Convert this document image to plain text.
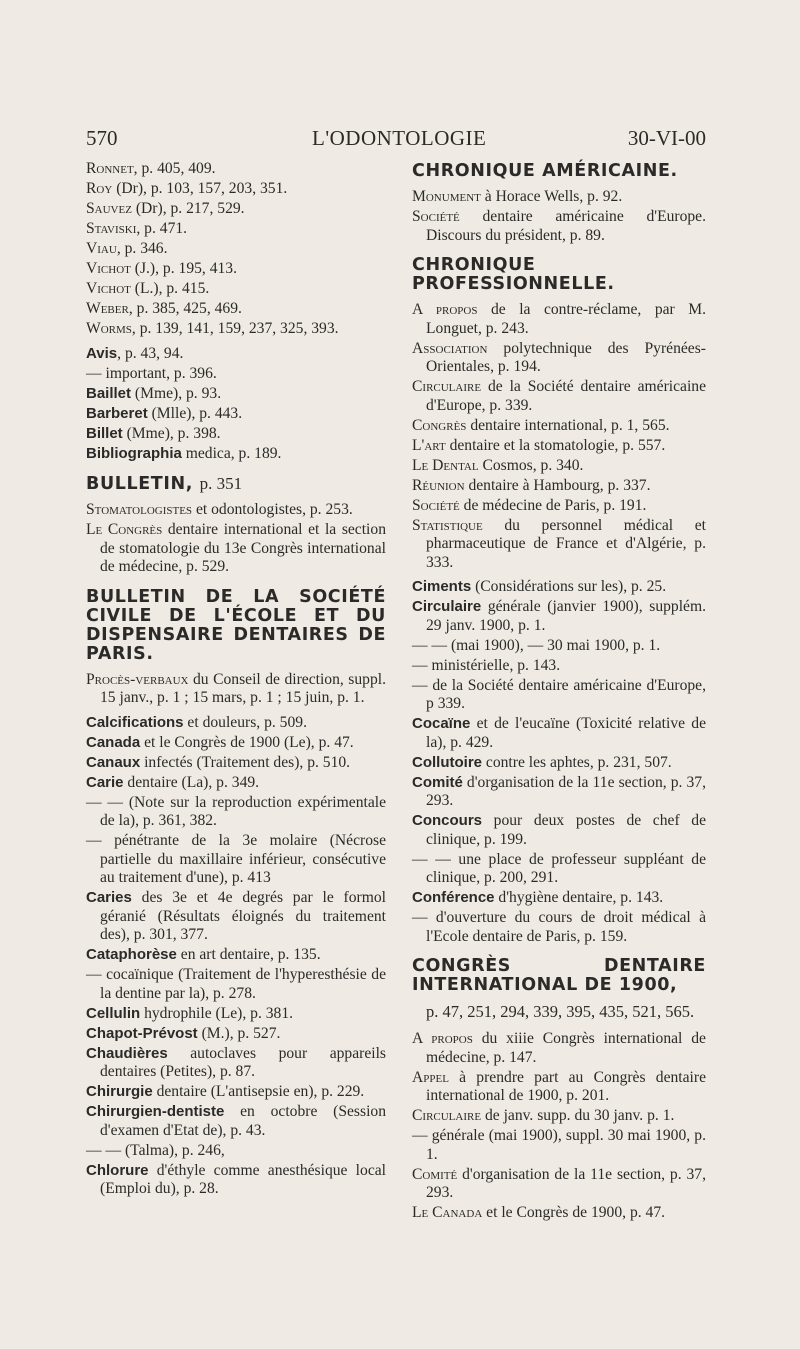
570	L'ODONTOLOGIE	30-VI-00
Ronnet, p. 405, 409.
Roy (Dr), p. 103, 157, 203, 351.
Sauvez (Dr), p. 217, 529.
Staviski, p. 471.
Viau, p. 346.
Vichot (J.), p. 195, 413.
Vichot (L.), p. 415.
Weber, p. 385, 425, 469.
Worms, p. 139, 141, 159, 237, 325, 393.
Avis, p. 43, 94.
— important, p. 396.
Baillet (Mme), p. 93.
Barberet (Mlle), p. 443.
Billet (Mme), p. 398.
Bibliographia medica, p. 189.
BULLETIN, p. 351
Stomatologistes et odontologistes, p. 253.
Le Congrès dentaire international et la section de stomatologie du 13e Congrès international de médecine, p. 529.
BULLETIN DE LA SOCIÉTÉ CIVILE DE L'ÉCOLE ET DU DISPENSAIRE DENTAIRES DE PARIS.
Procès-verbaux du Conseil de direction, suppl. 15 janv., p. 1 ; 15 mars, p. 1 ; 15 juin, p. 1.
Calcifications et douleurs, p. 509.
Canada et le Congrès de 1900 (Le), p. 47.
Canaux infectés (Traitement des), p. 510.
Carie dentaire (La), p. 349.
— — (Note sur la reproduction expérimentale de la), p. 361, 382.
— pénétrante de la 3e molaire (Nécrose partielle du maxillaire inférieur, consécutive au traitement d'une), p. 413
Caries des 3e et 4e degrés par le formol géranié (Résultats éloignés du traitement des), p. 301, 377.
Cataphorèse en art dentaire, p. 135.
— cocaïnique (Traitement de l'hyperesthésie de la dentine par la), p. 278.
Cellulin hydrophile (Le), p. 381.
Chapot-Prévost (M.), p. 527.
Chaudières autoclaves pour appareils dentaires (Petites), p. 87.
Chirurgie dentaire (L'antisepsie en), p. 229.
Chirurgien-dentiste en octobre (Session d'examen d'Etat de), p. 43.
— — (Talma), p. 246,
Chlorure d'éthyle comme anesthésique local (Emploi du), p. 28.
CHRONIQUE AMÉRICAINE.
Monument à Horace Wells, p. 92.
Société dentaire américaine d'Europe. Discours du président, p. 89.
CHRONIQUE PROFESSIONNELLE.
A propos de la contre-réclame, par M. Longuet, p. 243.
Association polytechnique des Pyrénées-Orientales, p. 194.
Circulaire de la Société dentaire américaine d'Europe, p. 339.
Congrès dentaire international, p. 1, 565.
L'art dentaire et la stomatologie, p. 557.
Le Dental Cosmos, p. 340.
Réunion dentaire à Hambourg, p. 337.
Société de médecine de Paris, p. 191.
Statistique du personnel médical et pharmaceutique de France et d'Algérie, p. 333.
Ciments (Considérations sur les), p. 25.
Circulaire générale (janvier 1900), supplém. 29 janv. 1900, p. 1.
— — (mai 1900), — 30 mai 1900, p. 1.
— ministérielle, p. 143.
— de la Société dentaire américaine d'Europe, p 339.
Cocaïne et de l'eucaïne (Toxicité relative de la), p. 429.
Collutoire contre les aphtes, p. 231, 507.
Comité d'organisation de la 11e section, p. 37, 293.
Concours pour deux postes de chef de clinique, p. 199.
— — une place de professeur suppléant de clinique, p. 200, 291.
Conférence d'hygiène dentaire, p. 143.
— d'ouverture du cours de droit médical à l'Ecole dentaire de Paris, p. 159.
CONGRÈS DENTAIRE INTERNATIONAL DE 1900,
p. 47, 251, 294, 339, 395, 435, 521, 565.
A propos du xiiie Congrès international de médecine, p. 147.
Appel à prendre part au Congrès dentaire international de 1900, p. 201.
Circulaire de janv. supp. du 30 janv. p. 1.
— générale (mai 1900), suppl. 30 mai 1900, p. 1.
Comité d'organisation de la 11e section, p. 37, 293.
Le Canada et le Congrès de 1900, p. 47.
